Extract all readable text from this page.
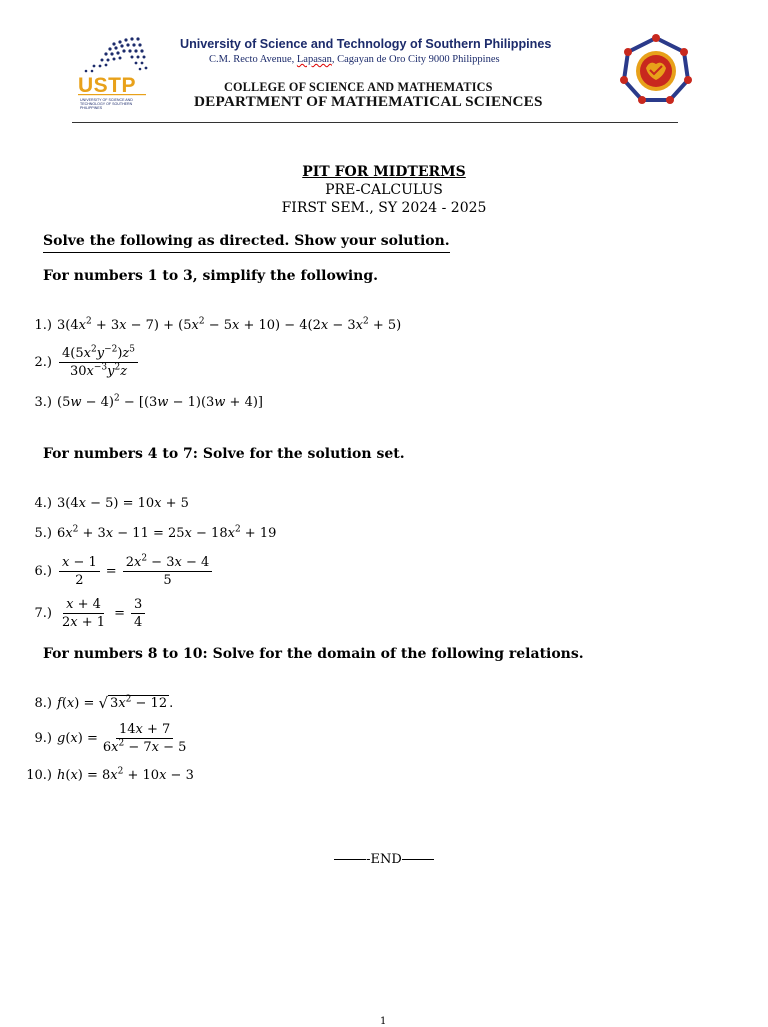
USTP
UNIVERSITY OF SCIENCE AND TECHNOLOGY OF SOUTHERN PHILIPPINES
University of Science and Technology of Southern Philippines
C.M. Recto Avenue, Lapasan, Cagayan de Oro City 9000 Philippines
COLLEGE OF SCIENCE AND MATHEMATICS
DEPARTMENT OF MATHEMATICAL SCIENCES
PIT FOR MIDTERMS
PRE-CALCULUS
FIRST SEM., SY 2024 - 2025
Solve the following as directed. Show your solution.
For numbers 1 to 3, simplify the following.
1.) $3(4x^2 + 3x - 7) + (5x^2 - 5x + 10) - 4(2x - 3x^2 + 5)$
$2.) \frac{4(5x^2y^{-2})z^5}{30x^{-3}y^2z}$
3.) $(5w - 4)^2 - [(3w - 1)(3w + 4)]$
For numbers 4 to 7: Solve for the solution set.
4.) 3(4x − 5) = 10x + 5
5.) $6x^2 + 3x - 11 = 25x - 18x^2 + 19$
$6.) \frac{x - 1}{2} = \frac{2x^2 - 3x - 4}{5}$
$7.) \frac{x + 4}{2x + 1} = \frac{3}{4}$
For numbers 8 to 10: Solve for the domain of the following relations.
8.) f ( x ) = √ $3x^2 - 12$ .
9.) g ( x ) = $\frac{14x + 7}{6x^2 - 7x - 5}$
10.) $h(x) = 8x^2 + 10x - 3$
-END
1
